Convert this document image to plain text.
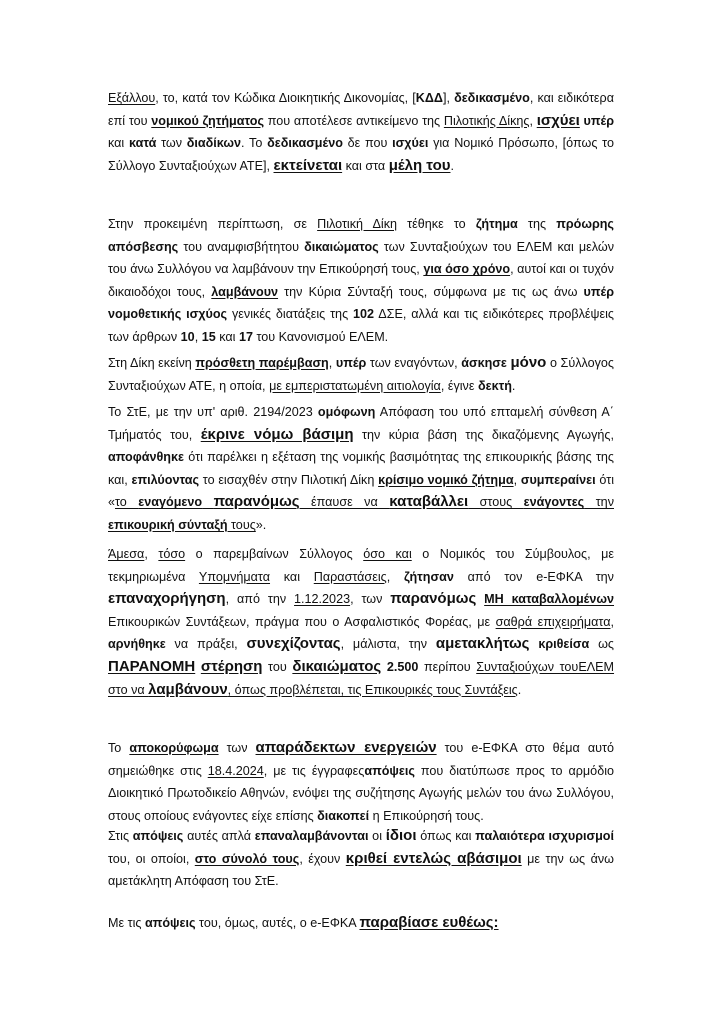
Εξάλλου, το, κατά τον Κώδικα Διοικητικής Δικονομίας, [ΚΔΔ], δεδικασμένο, και ειδικότερα επί του νομικού ζητήματος που αποτέλεσε αντικείμενο της Πιλοτικής Δίκης, ισχύει υπέρ και κατά των διαδίκων. Το δεδικασμένο δε που ισχύει για Νομικό Πρόσωπο, [όπως το Σύλλογο Συνταξιούχων ΑΤΕ], εκτείνεται και στα μέλη του.

Στην προκειμένη περίπτωση, σε Πιλοτική Δίκη τέθηκε το ζήτημα της πρόωρης απόσβεσης του αναμφισβήτητου δικαιώματος των Συνταξιούχων του ΕΛΕΜ και μελών του άνω Συλλόγου να λαμβάνουν την Επικούρησή τους, για όσο χρόνο, αυτοί και οι τυχόν δικαιοδόχοι τους, λαμβάνουν την Κύρια Σύνταξή τους, σύμφωνα με τις ως άνω υπέρ νομοθετικής ισχύος γενικές διατάξεις της 102 ΔΣΕ, αλλά και τις ειδικότερες προβλέψεις των άρθρων 10, 15 και 17 του Κανονισμού ΕΛΕΜ.

Στη Δίκη εκείνη πρόσθετη παρέμβαση, υπέρ των εναγόντων, άσκησε μόνο ο Σύλλογος Συνταξιούχων ΑΤΕ, η οποία, με εμπεριστατωμένη αιτιολογία, έγινε δεκτή.

Το ΣτΕ, με την υπ' αριθ. 2194/2023 ομόφωνη Απόφαση του υπό επταμελή σύνθεση Α΄ Τμήματός του, έκρινε νόμω βάσιμη την κύρια βάση της δικαζόμενης Αγωγής, αποφάνθηκε ότι παρέλκει η εξέταση της νομικής βασιμότητας της επικουρικής βάσης της και, επιλύοντας το εισαχθέν στην Πιλοτική Δίκη κρίσιμο νομικό ζήτημα, συμπεραίνει ότι «το εναγόμενο παρανόμως έπαυσε να καταβάλλει στους ενάγοντες την επικουρική σύνταξή τους».

Άμεσα, τόσο ο παρεμβαίνων Σύλλογος όσο και ο Νομικός του Σύμβουλος, με τεκμηριωμένα Υπομνήματα και Παραστάσεις, ζήτησαν από τον e-ΕΦΚΑ την επαναχορήγηση, από την 1.12.2023, των παρανόμως ΜΗ καταβαλλομένων Επικουρικών Συντάξεων, πράγμα που ο Ασφαλιστικός Φορέας, με σαθρά επιχειρήματα, αρνήθηκε να πράξει, συνεχίζοντας, μάλιστα, την αμετακλήτως κριθείσα ως ΠΑΡΑΝΟΜΗ στέρηση του δικαιώματος 2.500 περίπου Συνταξιούχων τουΕΛΕΜ στο να λαμβάνουν, όπως προβλέπεται, τις Επικουρικές τους Συντάξεις.

Το αποκορύφωμα των απαράδεκτων ενεργειών του e-ΕΦΚΑ στο θέμα αυτό σημειώθηκε στις 18.4.2024, με τις έγγραφεςαπόψεις που διατύπωσε προς το αρμόδιο Διοικητικό Πρωτοδικείο Αθηνών, ενόψει της συζήτησης Αγωγής μελών του άνω Συλλόγου, στους οποίους ενάγοντες είχε επίσης διακοπεί η Επικούρησή τους.

Στις απόψεις αυτές απλά επαναλαμβάνονται οι ίδιοι όπως και παλαιότερα ισχυρισμοί του, οι οποίοι, στο σύνολό τους, έχουν κριθεί εντελώς αβάσιμοι με την ως άνω αμετάκλητη Απόφαση του ΣτΕ.

Με τις απόψεις του, όμως, αυτές, ο e-ΕΦΚΑ παραβίασε ευθέως:
